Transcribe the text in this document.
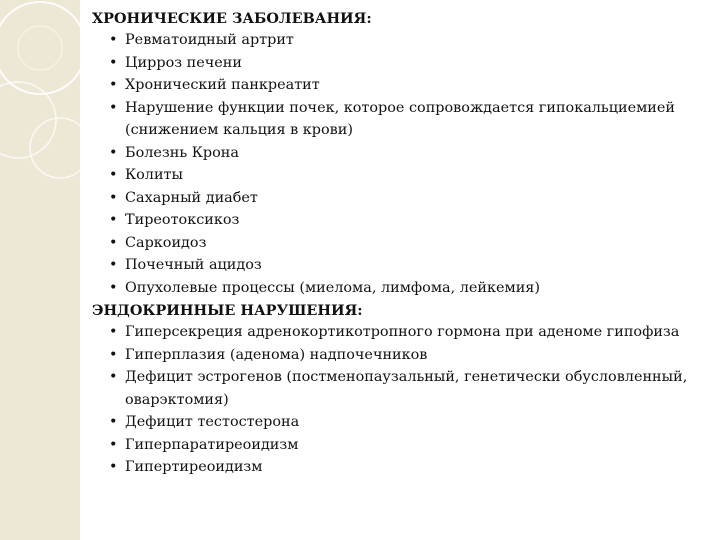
ХРОНИЧЕСКИЕ ЗАБОЛЕВАНИЯ:

• Ревматоидный артрит
• Цирроз печени
• Хронический панкреатит
• Нарушение функции почек, которое сопровождается гипокальциемией (снижением кальция в крови)
• Болезнь Крона
• Колиты
• Сахарный диабет
• Тиреотоксикоз
• Саркоидоз
• Почечный ацидоз
• Опухолевые процессы (миелома, лимфома, лейкемия)

ЭНДОКРИННЫЕ НАРУШЕНИЯ:

• Гиперсекреция адренокортикотропного гормона при аденоме гипофиза
• Гиперплазия (аденома) надпочечников
• Дефицит эстрогенов (постменопаузальный, генетически обусловленный, оварэктомия)
• Дефицит тестостерона
• Гиперпаратиреоидизм
• Гипертиреоидизм
